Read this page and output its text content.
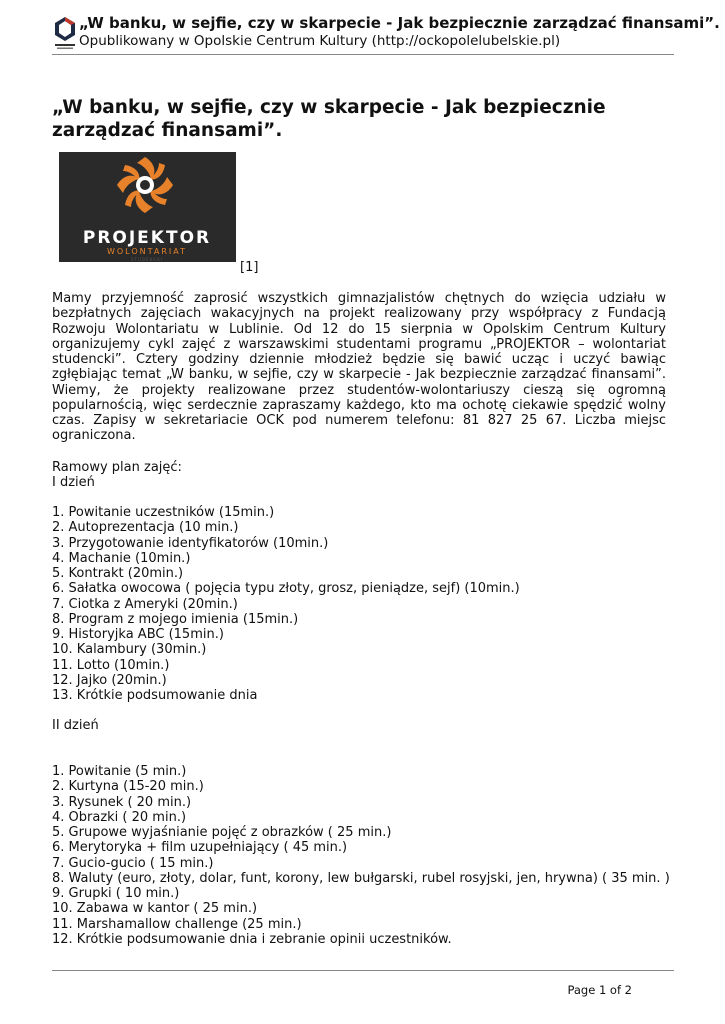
„W banku, w sejfie, czy w skarpecie - Jak bezpiecznie zarządzać finansami”.
Opublikowany w Opolskie Centrum Kultury (http://ockopolelubelskie.pl)
„W banku, w sejfie, czy w skarpecie - Jak bezpiecznie zarządzać finansami”.
PROJEKTOR
WOLONTARIAT
STUDENCKI
[1]

Mamy przyjemność zaprosić wszystkich gimnazjalistów chętnych do wzięcia udziału w bezpłatnych zajęciach wakacyjnych na projekt realizowany przy współpracy z Fundacją Rozwoju Wolontariatu w Lublinie. Od 12 do 15 sierpnia w Opolskim Centrum Kultury organizujemy cykl zajęć z warszawskimi studentami programu „PROJEKTOR – wolontariat studencki”. Cztery godziny dziennie młodzież będzie się bawić ucząc i uczyć bawiąc zgłębiając temat „W banku, w sejfie, czy w skarpecie - Jak bezpiecznie zarządzać finansami”. Wiemy, że projekty realizowane przez studentów-wolontariuszy cieszą się ogromną popularnością, więc serdecznie zapraszamy każdego, kto ma ochotę ciekawie spędzić wolny czas. Zapisy w sekretariacie OCK pod numerem telefonu: 81 827 25 67. Liczba miejsc ograniczona.

Ramowy plan zajęć:
I dzień
1. Powitanie uczestników (15min.)
2. Autoprezentacja (10 min.)
3. Przygotowanie identyfikatorów (10min.)
4. Machanie (10min.)
5. Kontrakt (20min.)
6. Sałatka owocowa ( pojęcia typu złoty, grosz, pieniądze, sejf) (10min.)
7. Ciotka z Ameryki (20min.)
8. Program z mojego imienia (15min.)
9. Historyjka ABC (15min.)
10. Kalambury (30min.)
11. Lotto (10min.)
12. Jajko (20min.)
13. Krótkie podsumowanie dnia
II dzień
1. Powitanie (5 min.)
2. Kurtyna (15-20 min.)
3. Rysunek ( 20 min.)
4. Obrazki ( 20 min.)
5. Grupowe wyjaśnianie pojęć z obrazków ( 25 min.)
6. Merytoryka + film uzupełniający ( 45 min.)
7. Gucio-gucio ( 15 min.)
8. Waluty (euro, złoty, dolar, funt, korony, lew bułgarski, rubel rosyjski, jen, hrywna) ( 35 min. )
9. Grupki ( 10 min.)
10. Zabawa w kantor ( 25 min.)
11. Marshamallow challenge (25 min.)
12. Krótkie podsumowanie dnia i zebranie opinii uczestników.
Page 1 of 2
